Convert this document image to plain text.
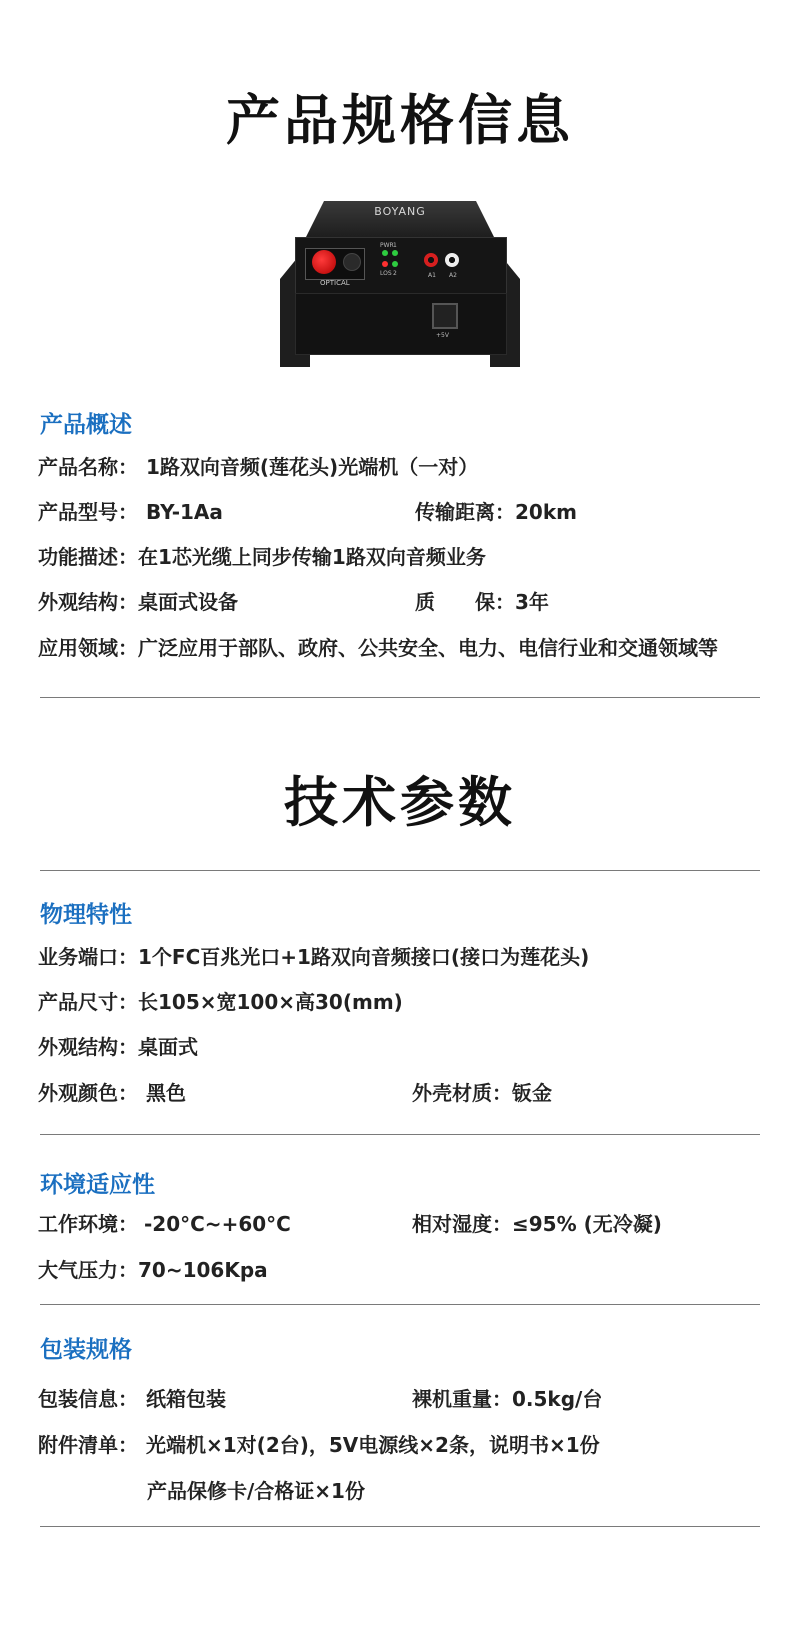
产品规格信息
BOYANG
OPTICAL
PWR 1
LOS 2	A1 A2
+5V
产品概述
产品名称： 1路双向音频(莲花头)光端机（一对）
产品型号： BY-1Aa	传输距离：20km
功能描述：在1芯光缆上同步传输1路双向音频业务
外观结构：桌面式设备	质　　保：3年
应用领域：广泛应用于部队、政府、公共安全、电力、电信行业和交通领域等
技术参数
物理特性
业务端口：1个FC百兆光口+1路双向音频接口(接口为莲花头)
产品尺寸：长105×宽100×高30(mm)
外观结构：桌面式
外观颜色： 黑色	外壳材质：钣金
环境适应性
工作环境： -20°C~+60°C	相对湿度：≤95% (无冷凝)
大气压力：70~106Kpa
包装规格
包装信息： 纸箱包装	裸机重量：0.5kg/台
附件清单： 光端机×1对(2台)，5V电源线×2条，说明书×1份
产品保修卡/合格证×1份
